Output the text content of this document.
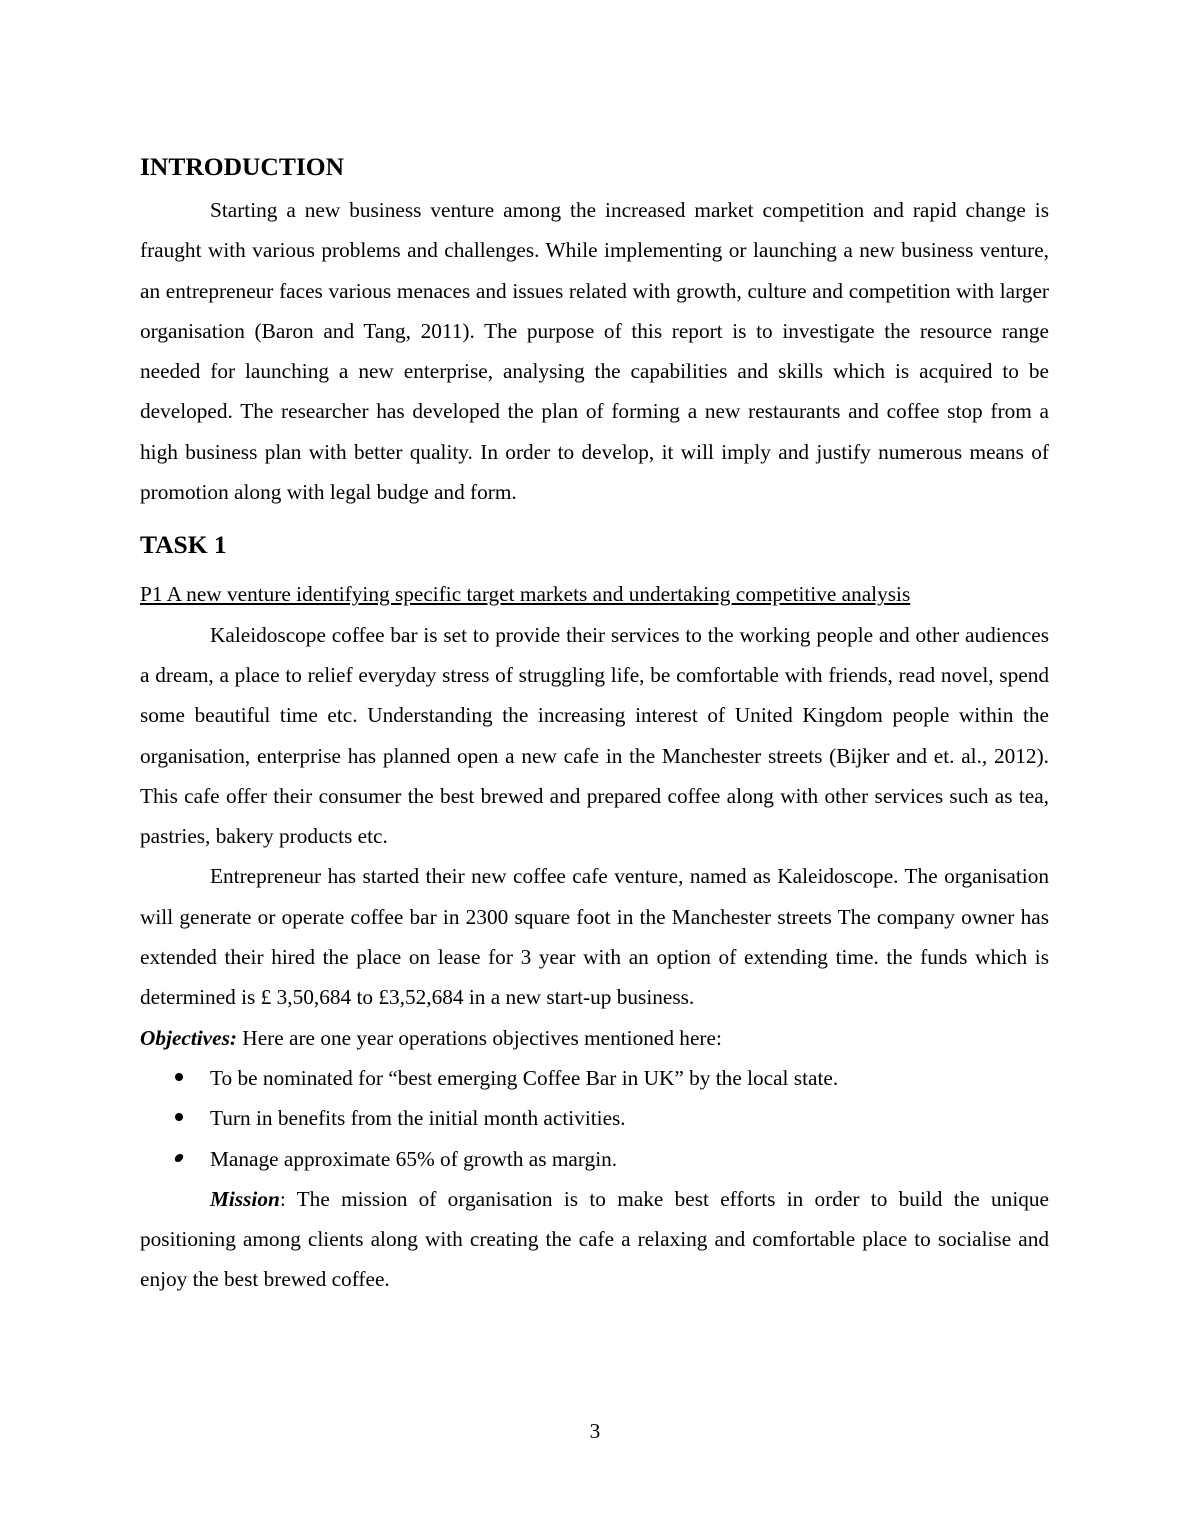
INTRODUCTION

Starting a new business venture among the increased market competition and rapid change is fraught with various problems and challenges. While implementing or launching a new business venture, an entrepreneur faces various menaces and issues related with growth, culture and competition with larger organisation (Baron and Tang, 2011). The purpose of this report is to investigate the resource range needed for launching a new enterprise, analysing the capabilities and skills which is acquired to be developed. The researcher has developed the plan of forming a new restaurants and coffee stop from a high business plan with better quality. In order to develop, it will imply and justify numerous means of promotion along with legal budge and form.

TASK 1

P1 A new venture identifying specific target markets and undertaking competitive analysis

Kaleidoscope coffee bar is set to provide their services to the working people and other audiences a dream, a place to relief everyday stress of struggling life, be comfortable with friends, read novel, spend some beautiful time etc. Understanding the increasing interest of United Kingdom people within the organisation, enterprise has planned open a new cafe in the Manchester streets (Bijker and et. al., 2012). This cafe offer their consumer the best brewed and prepared coffee along with other services such as tea, pastries, bakery products etc.

Entrepreneur has started their new coffee cafe venture, named as Kaleidoscope. The organisation will generate or operate coffee bar in 2300 square foot in the Manchester streets The company owner has extended their hired the place on lease for 3 year with an option of extending time. the funds which is determined is £ 3,50,684 to £3,52,684 in a new start-up business.

Objectives: Here are one year operations objectives mentioned here:

To be nominated for “best emerging Coffee Bar in UK” by the local state.
Turn in benefits from the initial month activities.
Manage approximate 65% of growth as margin.

Mission: The mission of organisation is to make best efforts in order to build the unique positioning among clients along with creating the cafe a relaxing and comfortable place to socialise and enjoy the best brewed coffee.

3
